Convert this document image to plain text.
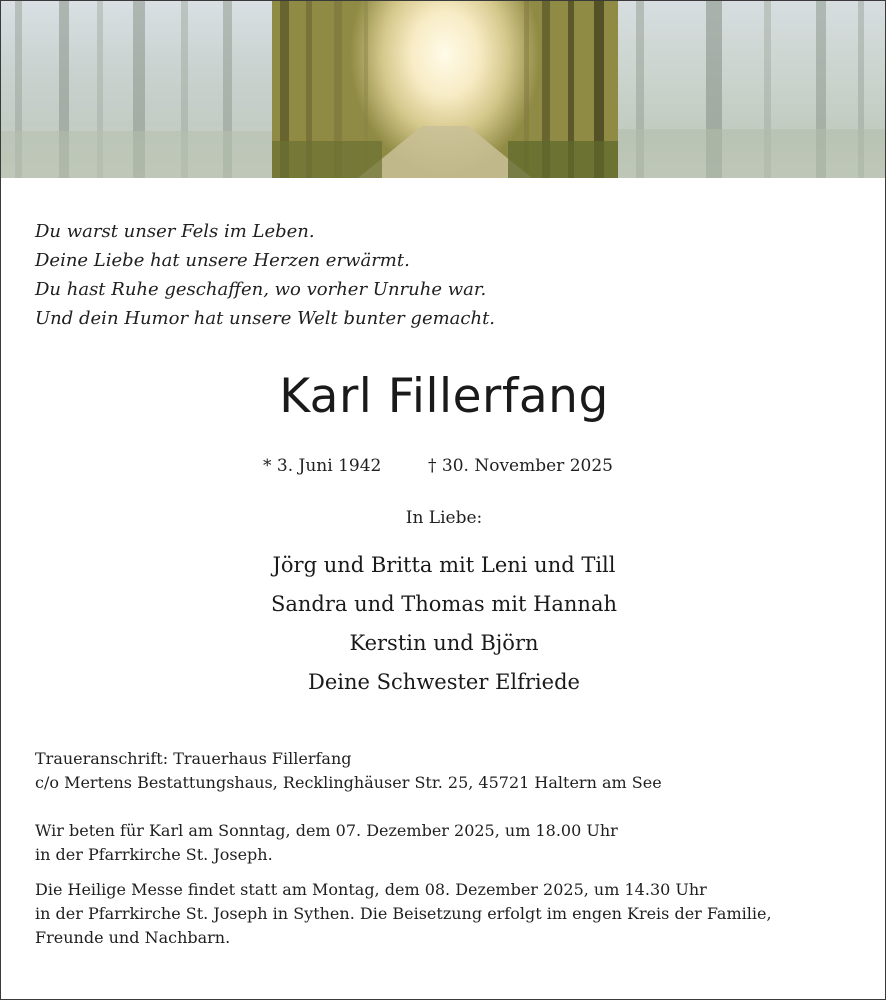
Du warst unser Fels im Leben.
Deine Liebe hat unsere Herzen erwärmt.
Du hast Ruhe geschaffen, wo vorher Unruhe war.
Und dein Humor hat unsere Welt bunter gemacht.
Karl Fillerfang
* 3. Juni 1942	† 30. November 2025
In Liebe:
Jörg und Britta mit Leni und Till
Sandra und Thomas mit Hannah
Kerstin und Björn
Deine Schwester Elfriede
Traueranschrift: Trauerhaus Fillerfang
c/o Mertens Bestattungshaus, Recklinghäuser Str. 25, 45721 Haltern am See
Wir beten für Karl am Sonntag, dem 07. Dezember 2025, um 18.00 Uhr
in der Pfarrkirche St. Joseph.
Die Heilige Messe findet statt am Montag, dem 08. Dezember 2025, um 14.30 Uhr
in der Pfarrkirche St. Joseph in Sythen. Die Beisetzung erfolgt im engen Kreis der Familie,
Freunde und Nachbarn.
